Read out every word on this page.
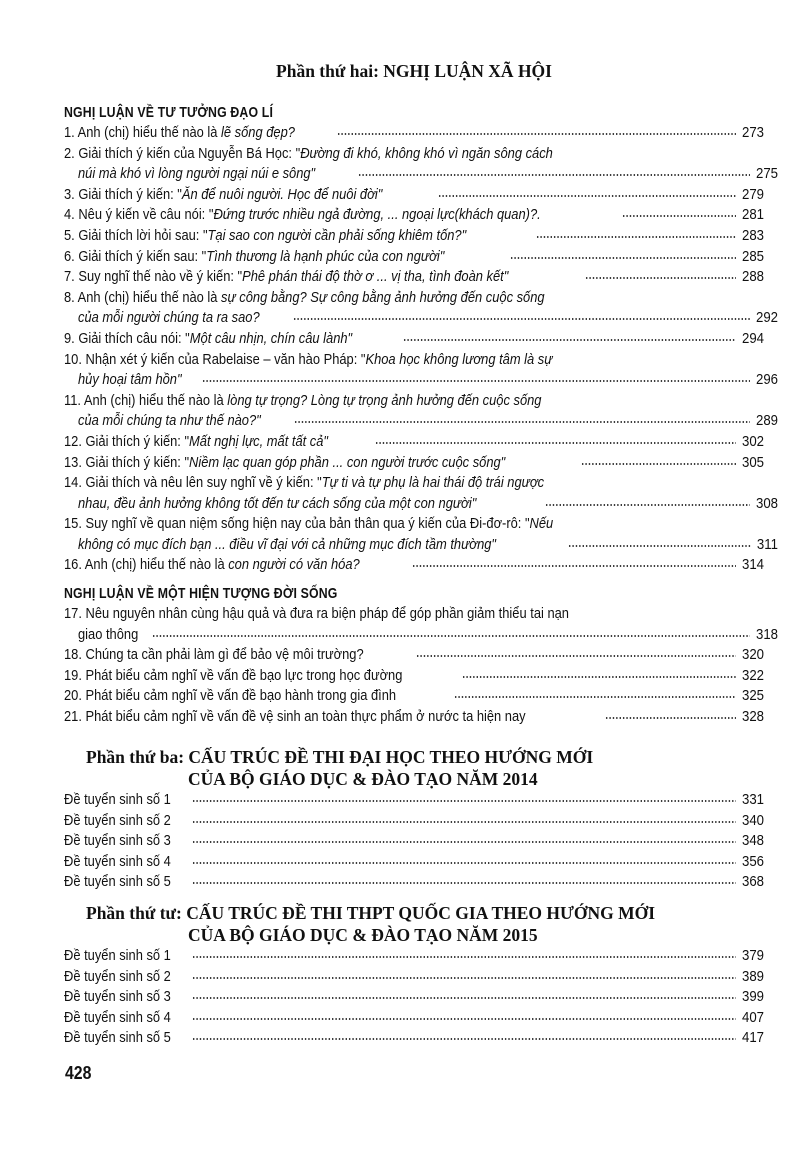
Phần thứ hai: NGHỊ LUẬN XÃ HỘI
NGHỊ LUẬN VỀ TƯ TƯỞNG ĐẠO LÍ
1. Anh (chị) hiểu thế nào là lẽ sống đẹp?	273
2. Giải thích ý kiến của Nguyễn Bá Học: "Đường đi khó, không khó vì ngăn sông cách
núi mà khó vì lòng người ngại núi e sông"	275
3. Giải thích ý kiến: "Ăn để nuôi người. Học để nuôi đời"	279
4. Nêu ý kiến về câu nói: "Đứng trước nhiều ngả đường, ... ngoại lực(khách quan)?.	281
5. Giải thích lời hỏi sau: "Tại sao con người cần phải sống khiêm tốn?"	283
6. Giải thích ý kiến sau: "Tình thương là hạnh phúc của con người"	285
7. Suy nghĩ thế nào về ý kiến: "Phê phán thái độ thờ ơ ... vị tha, tình đoàn kết"	288
8. Anh (chị) hiểu thế nào là sự công bằng? Sự công bằng ảnh hưởng đến cuộc sống
của mỗi người chúng ta ra sao?	292
9. Giải thích câu nói: "Một câu nhịn, chín câu lành"	294
10. Nhận xét ý kiến của Rabelaise – văn hào Pháp: "Khoa học không lương tâm là sự
hủy hoại tâm hồn"	296
11. Anh (chị) hiểu thế nào là lòng tự trọng? Lòng tự trọng ảnh hưởng đến cuộc sống
của mỗi chúng ta như thế nào?"	289
12. Giải thích ý kiến: "Mất nghị lực, mất tất cả"	302
13. Giải thích ý kiến: "Niềm lạc quan góp phần ... con người trước cuộc sống"	305
14. Giải thích và nêu lên suy nghĩ về ý kiến: "Tự ti và tự phụ là hai thái độ trái ngược
nhau, đều ảnh hưởng không tốt đến tư cách sống của một con người"	308
15. Suy nghĩ về quan niệm sống hiện nay của bản thân qua ý kiến của Đi-đơ-rô: "Nếu
không có mục đích bạn ... điều vĩ đại với cả những mục đích tầm thường"	311
16. Anh (chị) hiểu thế nào là con người có văn hóa?	314
NGHỊ LUẬN VỀ MỘT HIỆN TƯỢNG ĐỜI SỐNG
17. Nêu nguyên nhân cùng hậu quả và đưa ra biện pháp để góp phần giảm thiểu tai nạn
giao thông	318
18. Chúng ta cần phải làm gì để bảo vệ môi trường?	320
19. Phát biểu cảm nghĩ về vấn đề bạo lực trong học đường	322
20. Phát biểu cảm nghĩ về vấn đề bạo hành trong gia đình	325
21. Phát biểu cảm nghĩ về vấn đề vệ sinh an toàn thực phẩm ở nước ta hiện nay	328
Phần thứ ba: CẤU TRÚC ĐỀ THI ĐẠI HỌC THEO HƯỚNG MỚI
CỦA BỘ GIÁO DỤC & ĐÀO TẠO NĂM 2014
Đề tuyển sinh số 1	331
Đề tuyển sinh số 2	340
Đề tuyển sinh số 3	348
Đề tuyển sinh số 4	356
Đề tuyển sinh số 5	368
Phần thứ tư: CẤU TRÚC ĐỀ THI THPT QUỐC GIA THEO HƯỚNG MỚI
CỦA BỘ GIÁO DỤC & ĐÀO TẠO NĂM 2015
Đề tuyển sinh số 1	379
Đề tuyển sinh số 2	389
Đề tuyển sinh số 3	399
Đề tuyển sinh số 4	407
Đề tuyển sinh số 5	417
428
